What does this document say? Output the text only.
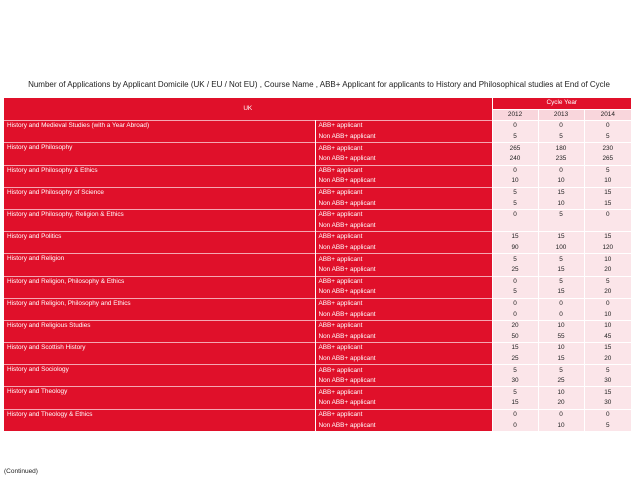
Number of Applications by Applicant Domicile (UK / EU / Not EU) , Course Name , ABB+ Applicant for applicants to History and Philosophical studies at End of Cycle
UK		Cycle Year		
		2012	2013	2014
History and Medieval Studies (with a Year Abroad)	ABB+ applicant	0	0	0
	Non ABB+ applicant	5	5	5
History and Philosophy	ABB+ applicant	265	180	230
	Non ABB+ applicant	240	235	265
History and Philosophy & Ethics	ABB+ applicant	0	0	5
	Non ABB+ applicant	10	10	10
History and Philosophy of Science	ABB+ applicant	5	15	15
	Non ABB+ applicant	5	10	15
History and Philosophy, Religion & Ethics	ABB+ applicant	0	5	0
	Non ABB+ applicant			
History and Politics	ABB+ applicant	15	15	15
	Non ABB+ applicant	90	100	120
History and Religion	ABB+ applicant	5	5	10
	Non ABB+ applicant	25	15	20
History and Religion, Philosophy & Ethics	ABB+ applicant	0	5	5
	Non ABB+ applicant	5	15	20
History and Religion, Philosophy and Ethics	ABB+ applicant	0	0	0
	Non ABB+ applicant	0	0	10
History and Religious Studies	ABB+ applicant	20	10	10
	Non ABB+ applicant	50	55	45
History and Scottish History	ABB+ applicant	15	10	15
	Non ABB+ applicant	25	15	20
History and Sociology	ABB+ applicant	5	5	5
	Non ABB+ applicant	30	25	30
History and Theology	ABB+ applicant	5	10	15
	Non ABB+ applicant	15	20	30
History and Theology & Ethics	ABB+ applicant	0	0	0
	Non ABB+ applicant	0	10	5
(Continued)
